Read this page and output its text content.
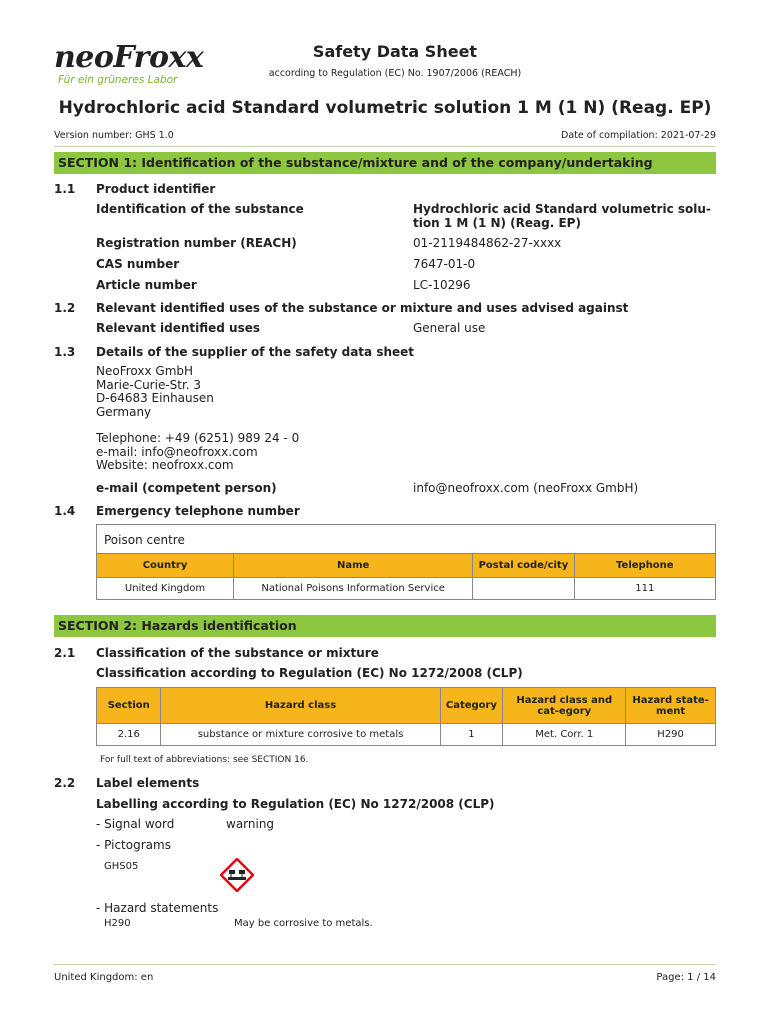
neoFroxx
Für ein grüneres Labor
Safety Data Sheet
according to Regulation (EC) No. 1907/2006 (REACH)
Hydrochloric acid Standard volumetric solution 1 M (1 N) (Reag. EP)
Version number: GHS 1.0	Date of compilation: 2021-07-29
SECTION 1: Identification of the substance/mixture and of the company/undertaking
1.1 Product identifier
Identification of the substance	Hydrochloric acid Standard volumetric solu-
tion 1 M (1 N) (Reag. EP)
Registration number (REACH)	01-2119484862-27-xxxx
CAS number	7647-01-0
Article number	LC-10296
1.2 Relevant identified uses of the substance or mixture and uses advised against
Relevant identified uses	General use
1.3 Details of the supplier of the safety data sheet
NeoFroxx GmbH
Marie-Curie-Str. 3
D-64683 Einhausen
Germany
Telephone: +49 (6251) 989 24 - 0
e-mail: info@neofroxx.com
Website: neofroxx.com
e-mail (competent person)	info@neofroxx.com (neoFroxx GmbH)
1.4 Emergency telephone number
Poison centre
Country	Name	Postal code/city	Telephone
United Kingdom	National Poisons Information Service		111
SECTION 2: Hazards identification
2.1 Classification of the substance or mixture
Classification according to Regulation (EC) No 1272/2008 (CLP)
Section	Hazard class	Category	Hazard class and cat-egory	Hazard state-ment
2.16	substance or mixture corrosive to metals	1	Met. Corr. 1	H290
For full text of abbreviations: see SECTION 16.
2.2 Label elements
Labelling according to Regulation (EC) No 1272/2008 (CLP)
- Signal word	warning
- Pictograms
GHS05
- Hazard statements
H290	May be corrosive to metals.
United Kingdom: en	Page: 1 / 14
